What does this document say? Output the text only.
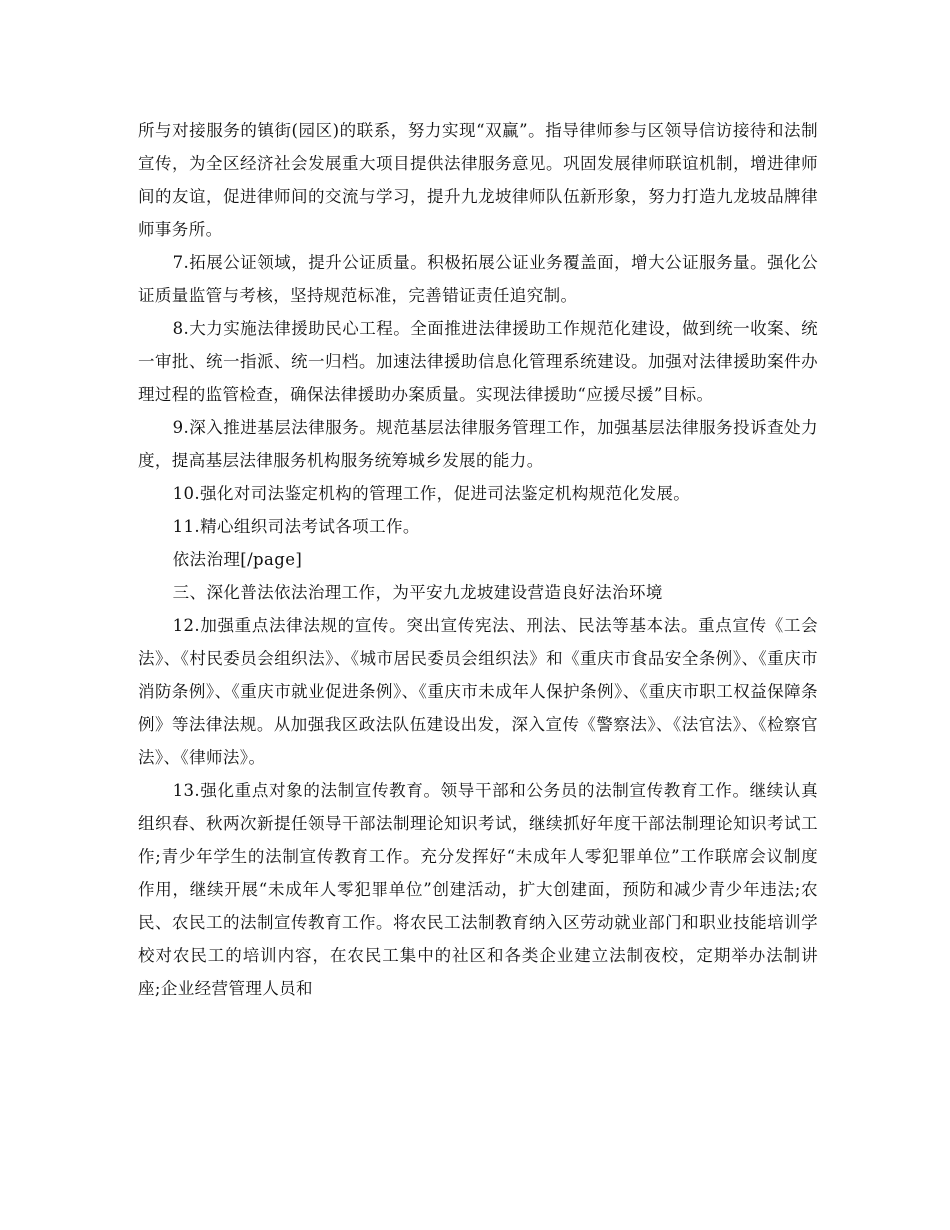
所与对接服务的镇街(园区)的联系，努力实现“双赢”。指导律师参与区领导信访接待和法制宣传，为全区经济社会发展重大项目提供法律服务意见。巩固发展律师联谊机制，增进律师间的友谊，促进律师间的交流与学习，提升九龙坡律师队伍新形象，努力打造九龙坡品牌律师事务所。

7.拓展公证领域，提升公证质量。积极拓展公证业务覆盖面，增大公证服务量。强化公证质量监管与考核，坚持规范标准，完善错证责任追究制。

8.大力实施法律援助民心工程。全面推进法律援助工作规范化建设，做到统一收案、统一审批、统一指派、统一归档。加速法律援助信息化管理系统建设。加强对法律援助案件办理过程的监管检查，确保法律援助办案质量。实现法律援助“应援尽援”目标。

9.深入推进基层法律服务。规范基层法律服务管理工作，加强基层法律服务投诉查处力度，提高基层法律服务机构服务统筹城乡发展的能力。

10.强化对司法鉴定机构的管理工作，促进司法鉴定机构规范化发展。

11.精心组织司法考试各项工作。

依法治理[/page]

三、深化普法依法治理工作，为平安九龙坡建设营造良好法治环境

12.加强重点法律法规的宣传。突出宣传宪法、刑法、民法等基本法。重点宣传《工会法》、《村民委员会组织法》、《城市居民委员会组织法》和《重庆市食品安全条例》、《重庆市消防条例》、《重庆市就业促进条例》、《重庆市未成年人保护条例》、《重庆市职工权益保障条例》等法律法规。从加强我区政法队伍建设出发，深入宣传《警察法》、《法官法》、《检察官法》、《律师法》。

13.强化重点对象的法制宣传教育。领导干部和公务员的法制宣传教育工作。继续认真组织春、秋两次新提任领导干部法制理论知识考试，继续抓好年度干部法制理论知识考试工作;青少年学生的法制宣传教育工作。充分发挥好“未成年人零犯罪单位”工作联席会议制度作用，继续开展“未成年人零犯罪单位”创建活动，扩大创建面，预防和减少青少年违法;农民、农民工的法制宣传教育工作。将农民工法制教育纳入区劳动就业部门和职业技能培训学校对农民工的培训内容，在农民工集中的社区和各类企业建立法制夜校，定期举办法制讲座;企业经营管理人员和
